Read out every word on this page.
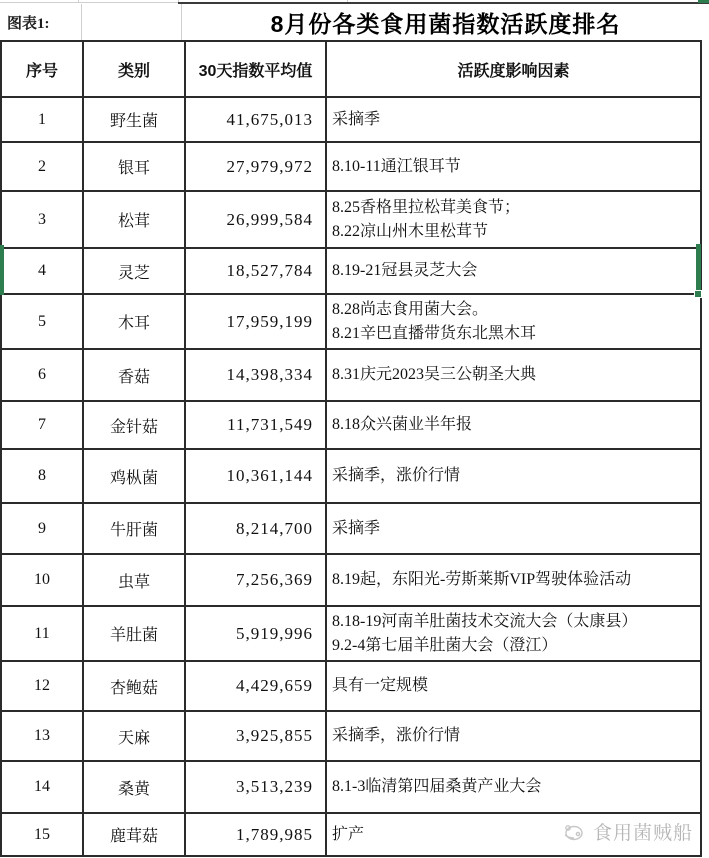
图表1:	8月份各类食用菌指数活跃度排名
序号	类别	30天指数平均值	活跃度影响因素
1	野生菌	41,675,013	采摘季

2	银耳	27,979,972	8.10-11通江银耳节

3	松茸	26,999,584	8.25香格里拉松茸美食节；
8.22凉山州木里松茸节

4	灵芝	18,527,784	8.19-21冠县灵芝大会

5	木耳	17,959,199	8.28尚志食用菌大会。
8.21辛巴直播带货东北黑木耳

6	香菇	14,398,334	8.31庆元2023吴三公朝圣大典

7	金针菇	11,731,549	8.18众兴菌业半年报

8	鸡枞菌	10,361,144	采摘季，涨价行情

9	牛肝菌	8,214,700	采摘季

10	虫草	7,256,369	8.19起，东阳光-劳斯莱斯VIP驾驶体验活动

11	羊肚菌	5,919,996	8.18-19河南羊肚菌技术交流大会（太康县）
9.2-4第七届羊肚菌大会（澄江）

12	杏鲍菇	4,429,659	具有一定规模

13	天麻	3,925,855	采摘季，涨价行情

14	桑黄	3,513,239	8.1-3临清第四届桑黄产业大会

15	鹿茸菇	1,789,985	扩产	食用菌贼船
